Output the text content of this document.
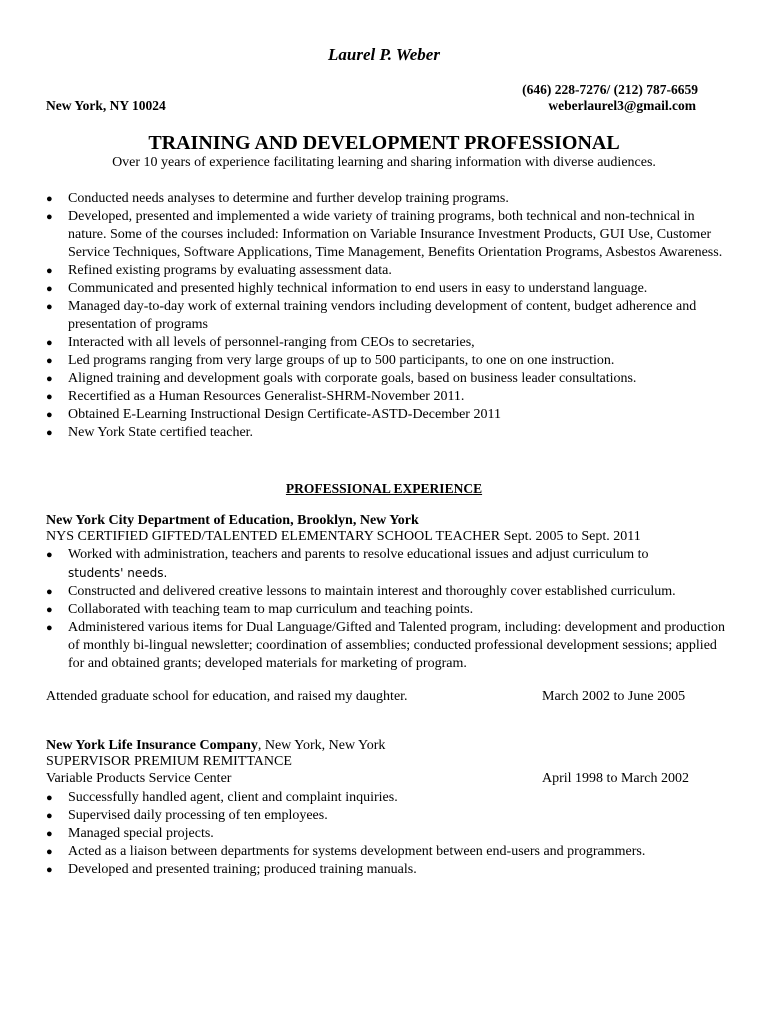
Laurel P. Weber
(646) 228-7276/ (212) 787-6659
New York, NY 10024	weberlaurel3@gmail.com
TRAINING AND DEVELOPMENT PROFESSIONAL
Over 10 years of experience facilitating learning and sharing information with diverse audiences.
● Conducted needs analyses to determine and further develop training programs.
● Developed, presented and implemented a wide variety of training programs, both technical and non-technical in nature. Some of the courses included: Information on Variable Insurance Investment Products, GUI Use, Customer Service Techniques, Software Applications, Time Management, Benefits Orientation Programs, Asbestos Awareness.
● Refined existing programs by evaluating assessment data.
● Communicated and presented highly technical information to end users in easy to understand language.
● Managed day-to-day work of external training vendors including development of content, budget adherence and presentation of programs
● Interacted with all levels of personnel-ranging from CEOs to secretaries,
● Led programs ranging from very large groups of up to 500 participants, to one on one instruction.
● Aligned training and development goals with corporate goals, based on business leader consultations.
● Recertified as a Human Resources Generalist-SHRM-November 2011.
● Obtained E-Learning Instructional Design Certificate-ASTD-December 2011
● New York State certified teacher.
PROFESSIONAL EXPERIENCE
New York City Department of Education, Brooklyn, New York
NYS CERTIFIED GIFTED/TALENTED ELEMENTARY SCHOOL TEACHER Sept. 2005 to Sept. 2011
● Worked with administration, teachers and parents to resolve educational issues and adjust curriculum to
students' needs.
● Constructed and delivered creative lessons to maintain interest and thoroughly cover established curriculum.
● Collaborated with teaching team to map curriculum and teaching points.
● Administered various items for Dual Language/Gifted and Talented program, including: development and production of monthly bi-lingual newsletter; coordination of assemblies; conducted professional development sessions; applied for and obtained grants; developed materials for marketing of program.
Attended graduate school for education, and raised my daughter.	March 2002 to June 2005
New York Life Insurance Company, New York, New York
SUPERVISOR PREMIUM REMITTANCE
Variable Products Service Center	April 1998 to March 2002
● Successfully handled agent, client and complaint inquiries.
● Supervised daily processing of ten employees.
● Managed special projects.
● Acted as a liaison between departments for systems development between end-users and programmers.
● Developed and presented training; produced training manuals.
